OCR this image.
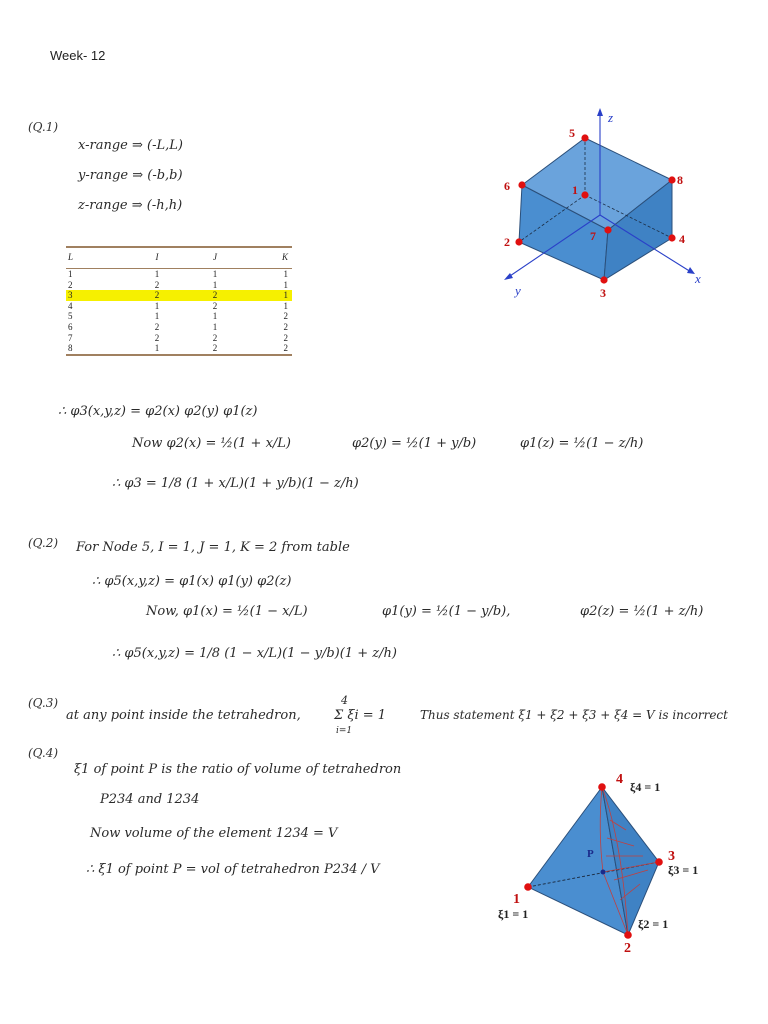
Week- 12
(Q.1)
x-range ⇒ (-L,L)
y-range ⇒ (-b,b)
z-range ⇒ (-h,h)
L	I	J	K
1	1	1	1
2	2	1	1
3	2	2	1
4	1	2	1
5	1	1	2
6	2	1	2
7	2	2	2
8	1	2	2
∴ φ3(x,y,z) = φ2(x) φ2(y) φ1(z)
Now φ2(x) = ½(1 + x/L)	φ2(y) = ½(1 + y/b)	φ1(z) = ½(1 − z/h)
∴ φ3 = 1/8 (1 + x/L)(1 + y/b)(1 − z/h)
z
y
x
5
6	1
8
7
2	4
3
(Q.2) For Node 5, I = 1, J = 1, K = 2 from table
∴ φ5(x,y,z) = φ1(x) φ1(y) φ2(z)
Now, φ1(x) = ½(1 − x/L)	φ1(y) = ½(1 − y/b),	φ2(z) = ½(1 + z/h)
∴ φ5(x,y,z) = 1/8 (1 − x/L)(1 − y/b)(1 + z/h)
(Q.3)
at any point inside the tetrahedron,
4
Σ ξi = 1
i=1
Thus statement ξ1 + ξ2 + ξ3 + ξ4 = V is incorrect
(Q.4)
ξ1 of point P is the ratio of volume of tetrahedron
P234 and 1234
Now volume of the element 1234 = V
∴ ξ1 of point P = vol of tetrahedron P234 / V
P
4
3
1
2
ξ4 = 1
ξ3 = 1
ξ1 = 1
ξ2 = 1
